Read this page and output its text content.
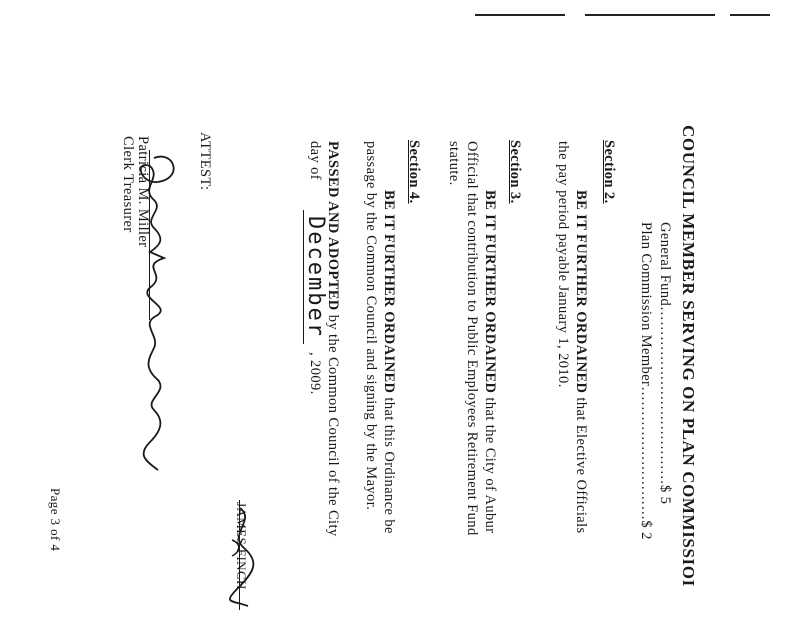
COUNCIL MEMBER SERVING ON PLAN COMMISSIOI
General Fund………………………………$ 5
Plan Commission Member………………………$ 2
Section 2.
BE IT FURTHER ORDAINED that Elective Officials
the pay period payable January 1, 2010.
Section 3.
BE IT FURTHER ORDAINED that the City of Aubur
Official that contribution to Public Employees Retirement Fund
statute.
Section 4.
BE IT FURTHER ORDAINED that this Ordinance be
passage by the Common Council and signing by the Mayor.
PASSED AND ADOPTED by the Common Council of the City
day of
December
, 2009.
JAMES FINCH
ATTEST:
Patricia M. Miller
Clerk Treasurer
Page 3 of 4
